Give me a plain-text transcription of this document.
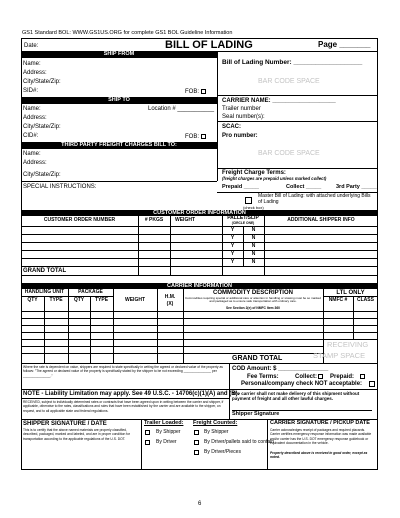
GS1 Standard BOL: WWW.GS1US.ORG for complete GS1 BOL Guideline Information
Date:	BILL OF LADING	Page _______
SHIP FROM
Name:
Address:
City/State/Zip:
SID#:	FOB:
Bill of Lading Number: ___________________
BAR CODE SPACE
SHIP TO
Name:	Location # ___________
Address:
City/State/Zip:
CID#:	FOB:
CARRIER NAME: ___________________
Trailer number
Seal number(s):
SCAC:
Pro number:
THIRD PARTY FREIGHT CHARGES BILL TO:
Name:
Address:
City/State/Zip:
BAR CODE SPACE
SPECIAL INSTRUCTIONS:
Freight Charge Terms:
(freight charges are prepaid unless marked collect)
Prepaid _____	Collect _____	3rd Party _____
Master Bill of Lading: with attached underlying Bills of Lading
(check box)
CUSTOMER ORDER INFORMATION
CUSTOMER ORDER NUMBER	# PKGS	WEIGHT	PALLET/SLIP
(CIRCLE ONE)	ADDITIONAL SHIPPER INFO
Y	N
Y	N
Y	N
Y	N
Y	N
GRAND TOTAL
CARRIER INFORMATION
HANDLING UNIT	PACKAGE	COMMODITY DESCRIPTION
Commodities requiring special or additional care or attention in handling or stowing must be so marked and packaged as to ensure safe transportation with ordinary care.
See Section 2(e) of NMFC Item 360
LTL ONLY
QTY	TYPE	QTY	TYPE	WEIGHT	H.M.
(X)
NMFC #	CLASS
RECEIVING
STAMP SPACE
GRAND TOTAL
Where the rate is dependent on value, shippers are required to state specifically in writing the agreed or declared value of the property as follows: "The agreed or declared value of the property is specifically stated by the shipper to be not exceeding _______________ per _______________."
COD Amount: $ _______________
Fee Terms:	Collect: Prepaid:
Personal/company check NOT acceptable:
NOTE - Liability Limitation may apply. See 49 U.S.C. - 14706(c)(1)(A) and (B).
RECEIVED, subject to individually determined rates or contracts that have been agreed upon in writing between the carrier and shipper, if applicable, otherwise to the rates, classifications and rules that have been established by the carrier and are available to the shipper, on request, and to all applicable state and federal regulations.
The carrier shall not make delivery of this shipment without payment of freight and all other lawful charges.
Shipper Signature
SHIPPER SIGNATURE / DATE
This is to certify that the above named materials are properly classified, described, packaged, marked and labeled, and are in proper condition for transportation according to the applicable regulations of the U.S. DOT.
Trailer Loaded:
By Shipper
By Driver
Freight Counted:
By Shipper
By Driver/pallets said to contain
By Driver/Pieces
CARRIER SIGNATURE / PICKUP DATE
Carrier acknowledges receipt of packages and required placards. Carrier certifies emergency response information was made available and/or carrier has the U.S. DOT emergency response guidebook or equivalent documentation in the vehicle.
Property described above is received in good order, except as noted.
6
